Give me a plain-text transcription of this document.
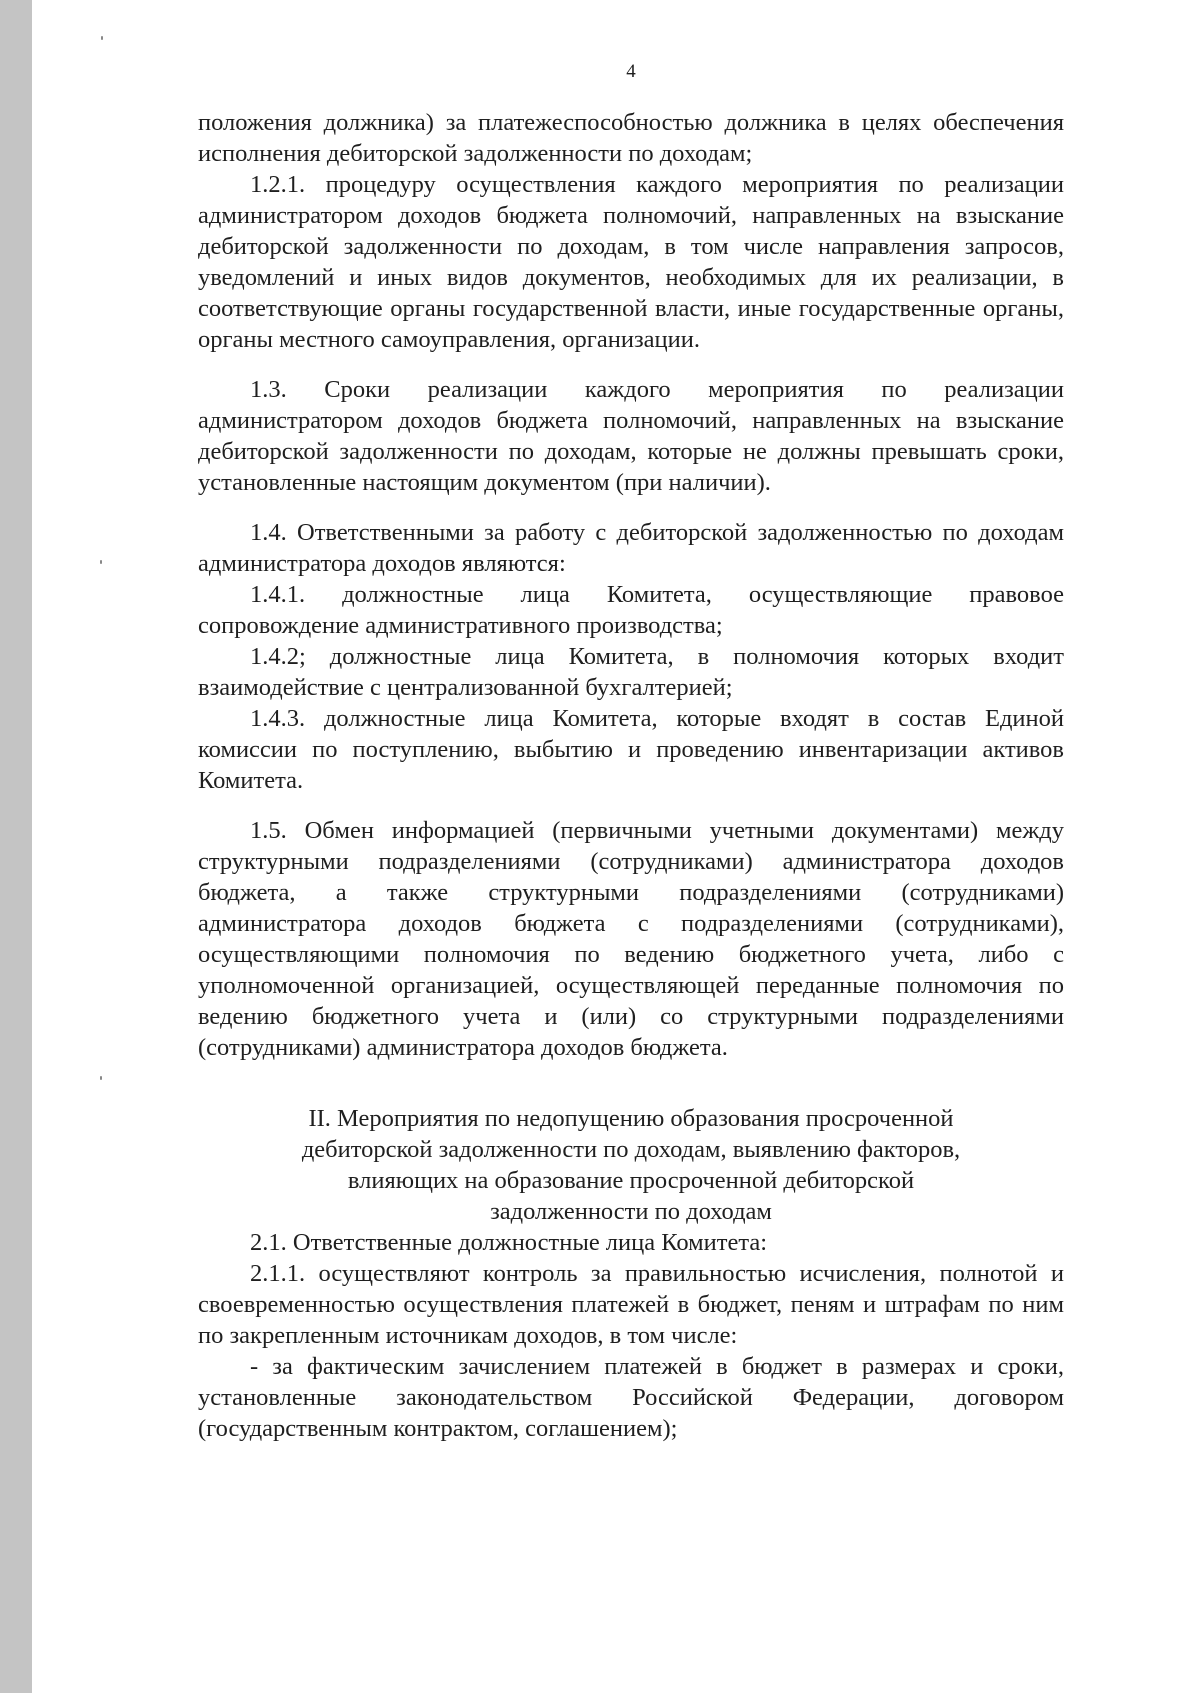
4

положения должника) за платежеспособностью должника в целях обеспечения исполнения дебиторской задолженности по доходам;

1.2.1. процедуру осуществления каждого мероприятия по реализации администратором доходов бюджета полномочий, направленных на взыскание дебиторской задолженности по доходам, в том числе направления запросов, уведомлений и иных видов документов, необходимых для их реализации, в соответствующие органы государственной власти, иные государственные органы, органы местного самоуправления, организации.

1.3. Сроки реализации каждого мероприятия по реализации администратором доходов бюджета полномочий, направленных на взыскание дебиторской задолженности по доходам, которые не должны превышать сроки, установленные настоящим документом (при наличии).

1.4. Ответственными за работу с дебиторской задолженностью по доходам администратора доходов являются:

1.4.1. должностные лица Комитета, осуществляющие правовое сопровождение административного производства;

1.4.2; должностные лица Комитета, в полномочия которых входит взаимодействие с централизованной бухгалтерией;

1.4.3. должностные лица Комитета, которые входят в состав Единой комиссии по поступлению, выбытию и проведению инвентаризации активов Комитета.

1.5. Обмен информацией (первичными учетными документами) между структурными подразделениями (сотрудниками) администратора доходов бюджета, а также структурными подразделениями (сотрудниками) администратора доходов бюджета с подразделениями (сотрудниками), осуществляющими полномочия по ведению бюджетного учета, либо с уполномоченной организацией, осуществляющей переданные полномочия по ведению бюджетного учета и (или) со структурными подразделениями (сотрудниками) администратора доходов бюджета.

II. Мероприятия по недопущению образования просроченной
дебиторской задолженности по доходам, выявлению факторов,
влияющих на образование просроченной дебиторской
задолженности по доходам

2.1. Ответственные должностные лица Комитета:

2.1.1. осуществляют контроль за правильностью исчисления, полнотой и своевременностью осуществления платежей в бюджет, пеням и штрафам по ним по закрепленным источникам доходов, в том числе:

- за фактическим зачислением платежей в бюджет в размерах и сроки, установленные законодательством Российской Федерации, договором (государственным контрактом, соглашением);
